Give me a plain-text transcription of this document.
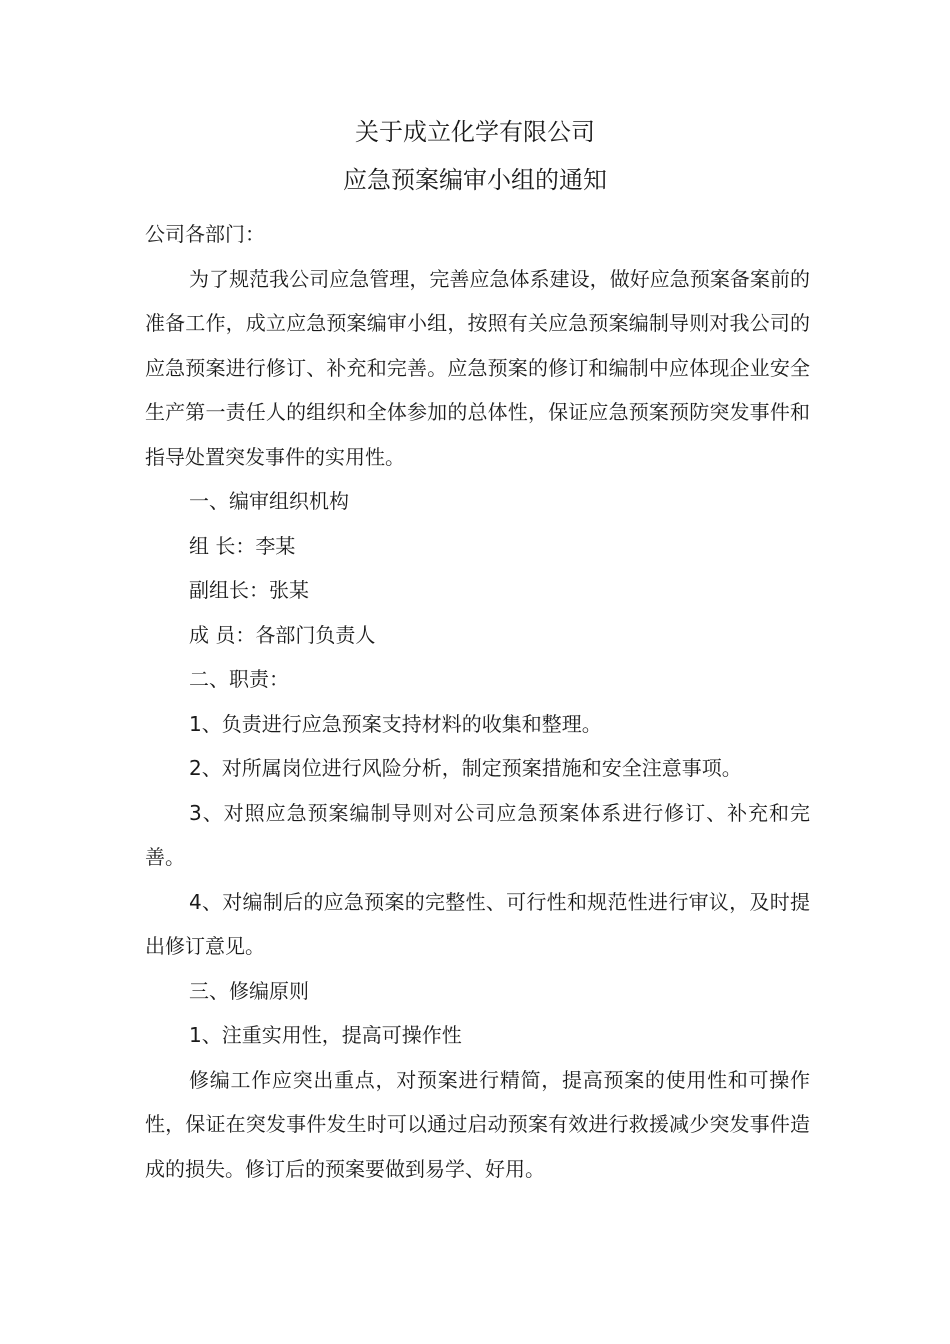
关于成立化学有限公司
应急预案编审小组的通知

公司各部门：

为了规范我公司应急管理，完善应急体系建设，做好应急预案备案前的准备工作，成立应急预案编审小组，按照有关应急预案编制导则对我公司的应急预案进行修订、补充和完善。应急预案的修订和编制中应体现企业安全生产第一责任人的组织和全体参加的总体性，保证应急预案预防突发事件和指导处置突发事件的实用性。

一、编审组织机构

组 长：李某

副组长：张某

成 员：各部门负责人

二、职责：

1、负责进行应急预案支持材料的收集和整理。

2、对所属岗位进行风险分析，制定预案措施和安全注意事项。

3、对照应急预案编制导则对公司应急预案体系进行修订、补充和完善。

4、对编制后的应急预案的完整性、可行性和规范性进行审议，及时提出修订意见。

三、修编原则

1、注重实用性，提高可操作性

修编工作应突出重点，对预案进行精简，提高预案的使用性和可操作性，保证在突发事件发生时可以通过启动预案有效进行救援减少突发事件造成的损失。修订后的预案要做到易学、好用。
